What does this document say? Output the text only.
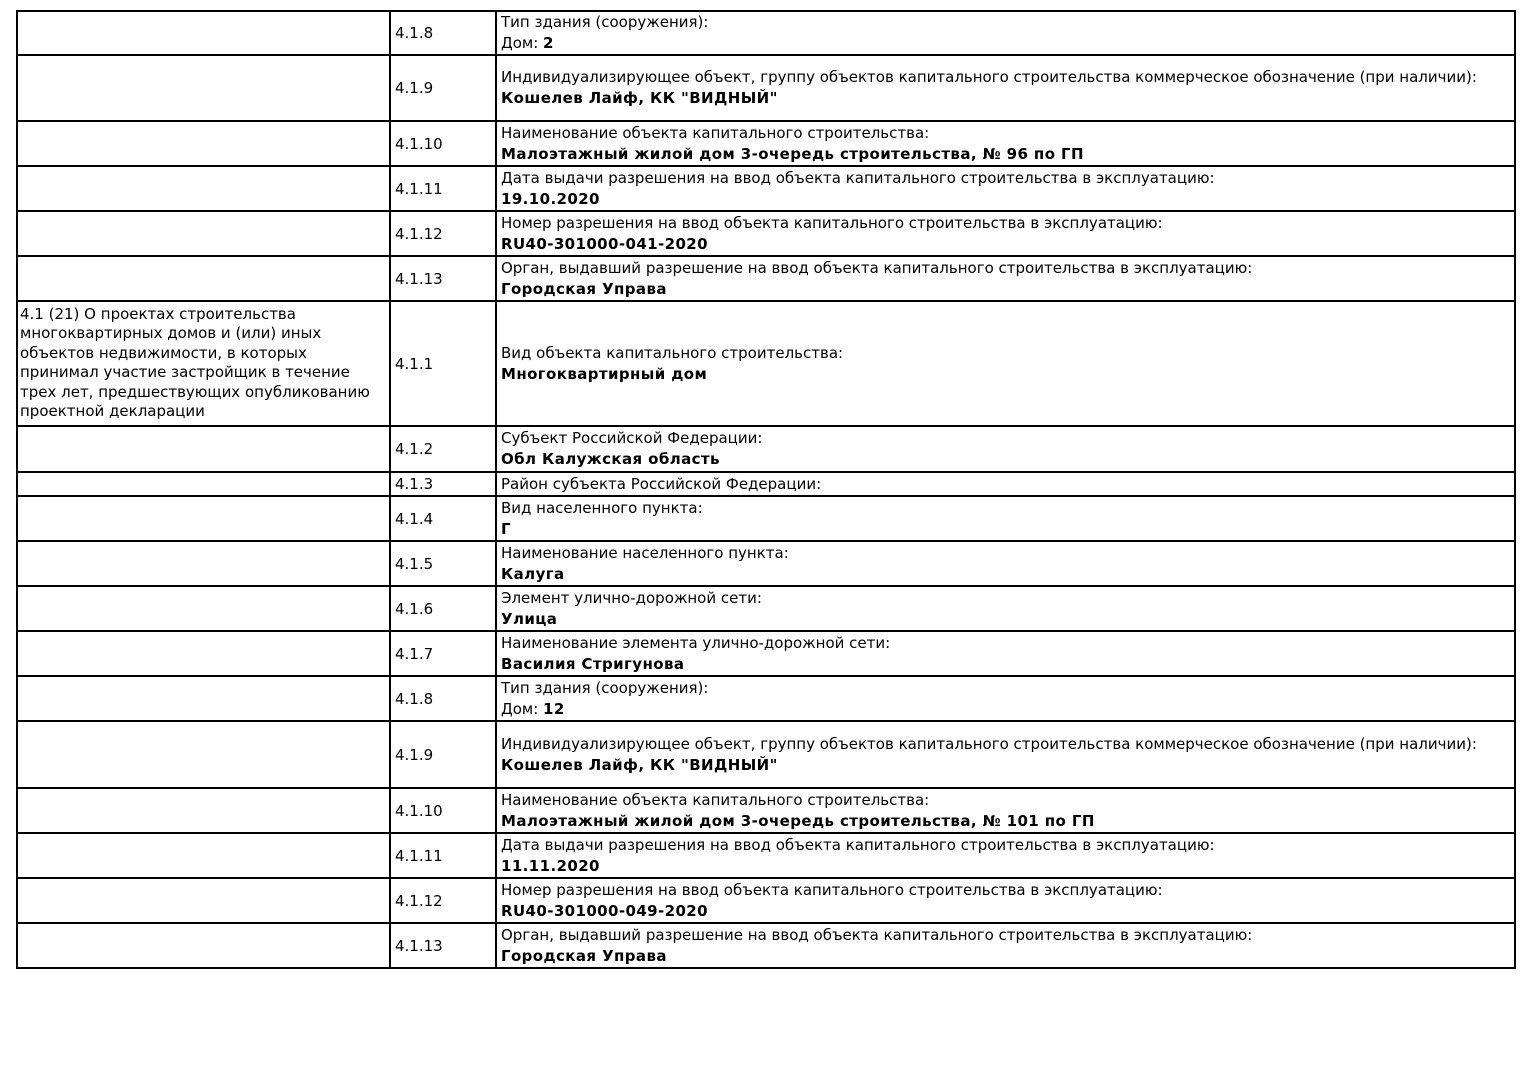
	4.1.8	Тип здания (сооружения):
Дом: 2

	4.1.9	Индивидуализирующее объект, группу объектов капитального строительства коммерческое обозначение (при наличии):
Кошелев Лайф, КК "ВИДНЫЙ"

	4.1.10	Наименование объекта капитального строительства:
Малоэтажный жилой дом 3-очередь строительства, № 96 по ГП

	4.1.11	Дата выдачи разрешения на ввод объекта капитального строительства в эксплуатацию:
19.10.2020

	4.1.12	Номер разрешения на ввод объекта капитального строительства в эксплуатацию:
RU40-301000-041-2020

	4.1.13	Орган, выдавший разрешение на ввод объекта капитального строительства в эксплуатацию:
Городская Управа

4.1 (21) О проектах строительства многоквартирных домов и (или) иных объектов недвижимости, в которых принимал участие застройщик в течение трех лет, предшествующих опубликованию проектной декларации	4.1.1	Вид объекта капитального строительства:
Многоквартирный дом

	4.1.2	Субъект Российской Федерации:
Обл Калужская область

	4.1.3	Район субъекта Российской Федерации:

	4.1.4	Вид населенного пункта:
Г

	4.1.5	Наименование населенного пункта:
Калуга

	4.1.6	Элемент улично-дорожной сети:
Улица

	4.1.7	Наименование элемента улично-дорожной сети:
Василия Стригунова

	4.1.8	Тип здания (сооружения):
Дом: 12

	4.1.9	Индивидуализирующее объект, группу объектов капитального строительства коммерческое обозначение (при наличии):
Кошелев Лайф, КК "ВИДНЫЙ"

	4.1.10	Наименование объекта капитального строительства:
Малоэтажный жилой дом 3-очередь строительства, № 101 по ГП

	4.1.11	Дата выдачи разрешения на ввод объекта капитального строительства в эксплуатацию:
11.11.2020

	4.1.12	Номер разрешения на ввод объекта капитального строительства в эксплуатацию:
RU40-301000-049-2020

	4.1.13	Орган, выдавший разрешение на ввод объекта капитального строительства в эксплуатацию:
Городская Управа
